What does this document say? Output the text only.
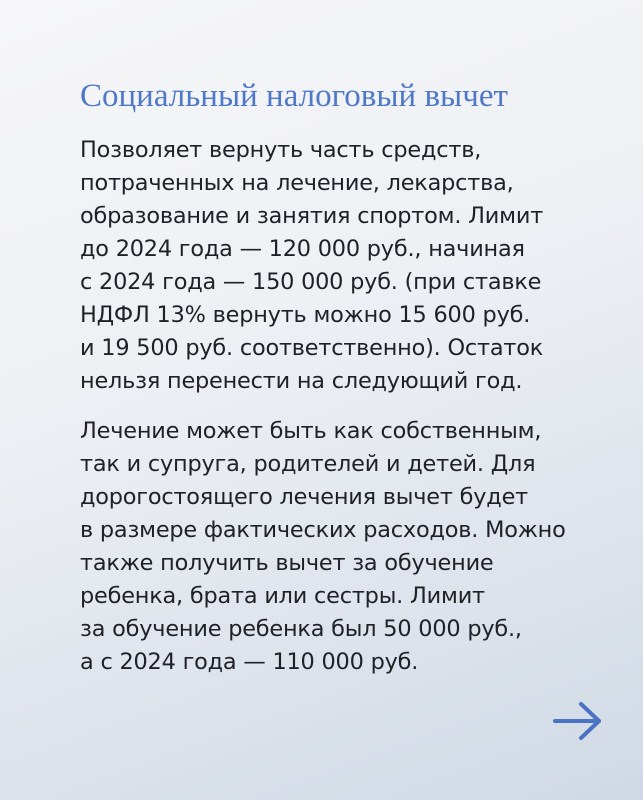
Социальный налоговый вычет

Позволяет вернуть часть средств,
потраченных на лечение, лекарства,
образование и занятия спортом. Лимит
до 2024 года — 120 000 руб., начиная
с 2024 года — 150 000 руб. (при ставке
НДФЛ 13% вернуть можно 15 600 руб.
и 19 500 руб. соответственно). Остаток
нельзя перенести на следующий год.

Лечение может быть как собственным,
так и супруга, родителей и детей. Для
дорогостоящего лечения вычет будет
в размере фактических расходов. Можно
также получить вычет за обучение
ребенка, брата или сестры. Лимит
за обучение ребенка был 50 000 руб.,
а с 2024 года — 110 000 руб.
